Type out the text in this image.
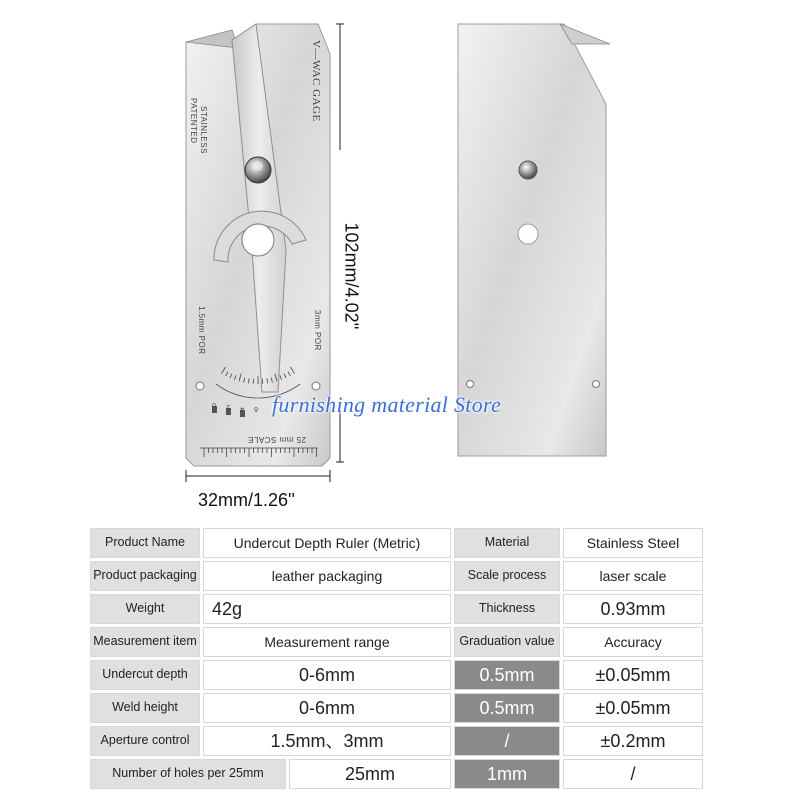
V—WAC GAGE
STAINLESS
PATENTED
1.5mm POR	3mm POR
25 mm SCALE
0 2 4 6
102mm/4.02''
32mm/1.26''
furnishing material Store
Product Name	Undercut Depth Ruler (Metric)	Material	Stainless Steel
Product packaging	leather packaging	Scale process	laser scale
Weight	42g	Thickness	0.93mm
Measurement item	Measurement range	Graduation value	Accuracy
Undercut depth	0-6mm	0.5mm	±0.05mm
Weld height	0-6mm	0.5mm	±0.05mm
Aperture control	1.5mm、3mm	/	±0.2mm
Number of holes per 25mm	25mm	1mm	/
